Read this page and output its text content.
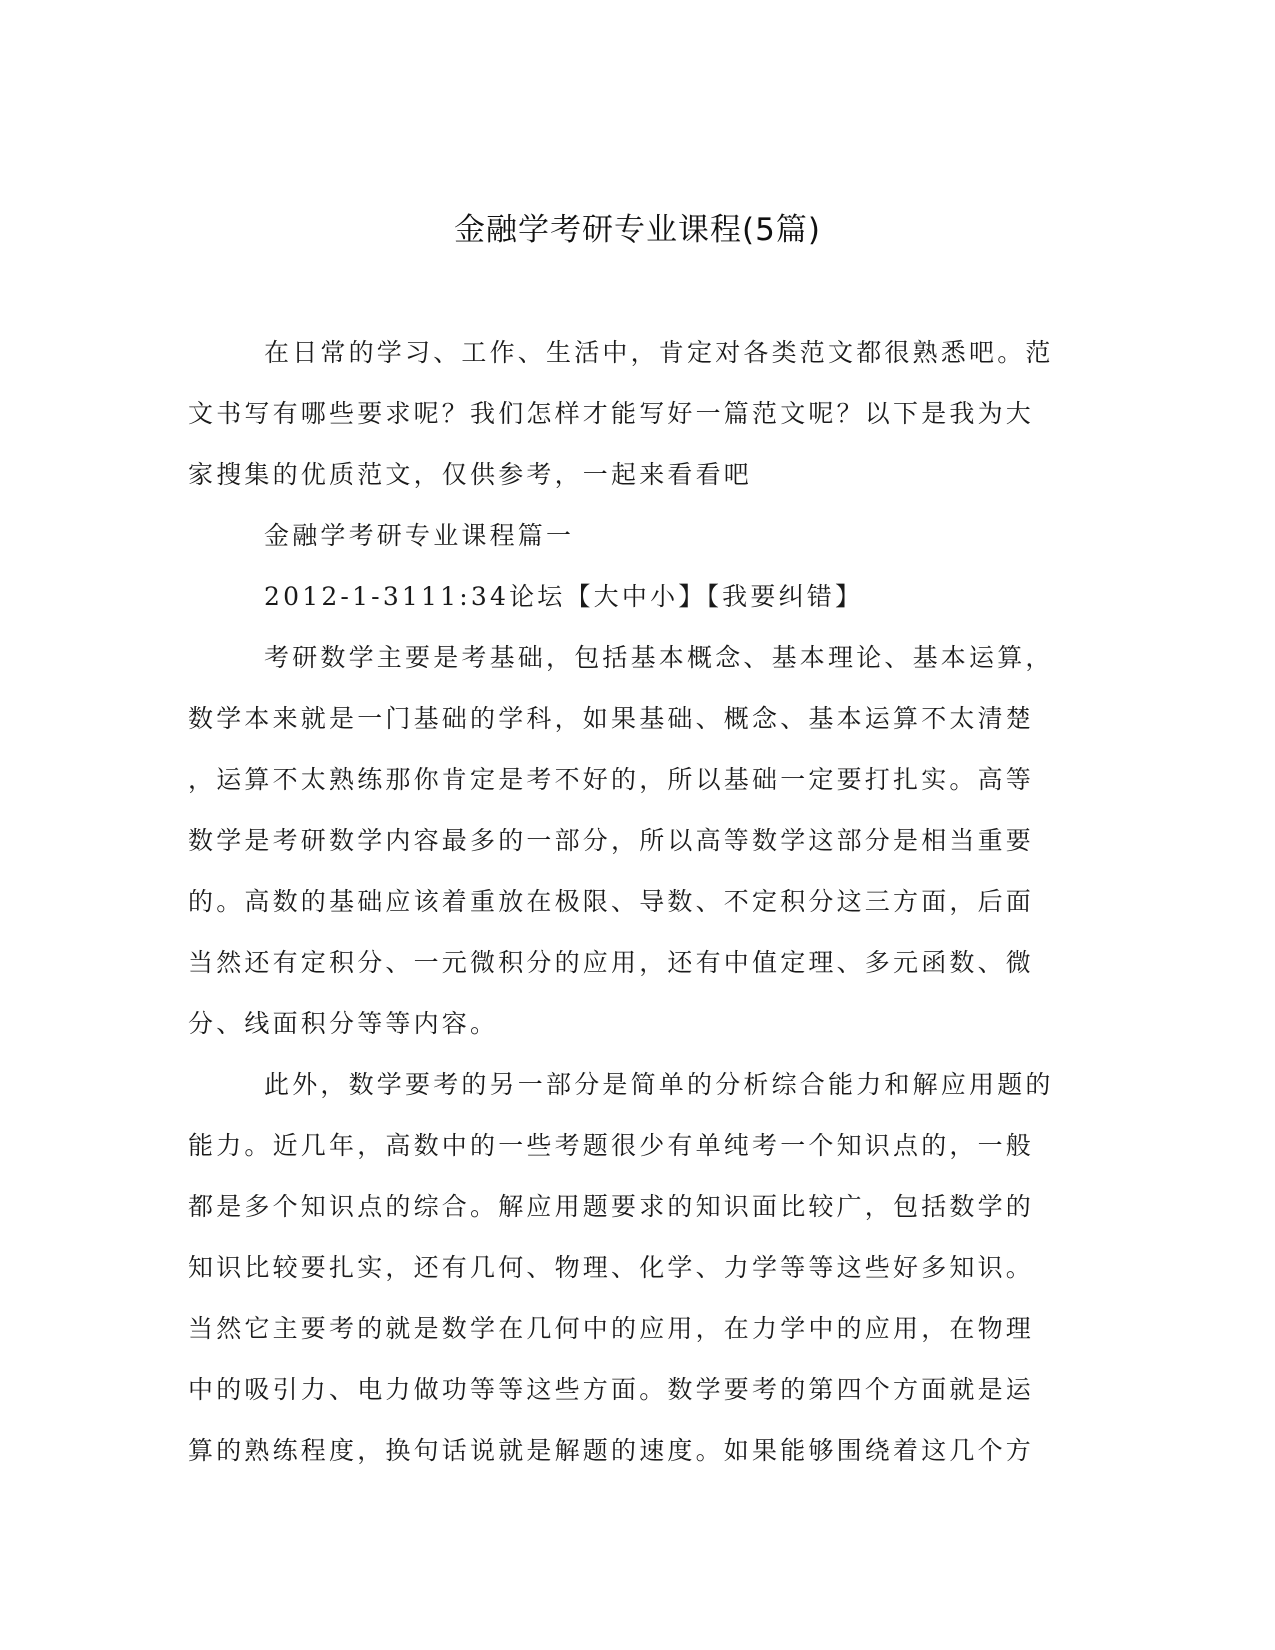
金融学考研专业课程(5篇)

在日常的学习、工作、生活中，肯定对各类范文都很熟悉吧。范
文书写有哪些要求呢？我们怎样才能写好一篇范文呢？以下是我为大
家搜集的优质范文，仅供参考，一起来看看吧

金融学考研专业课程篇一

2012-1-3111:34论坛【大中小】【我要纠错】

考研数学主要是考基础，包括基本概念、基本理论、基本运算，
数学本来就是一门基础的学科，如果基础、概念、基本运算不太清楚
，运算不太熟练那你肯定是考不好的，所以基础一定要打扎实。高等
数学是考研数学内容最多的一部分，所以高等数学这部分是相当重要
的。高数的基础应该着重放在极限、导数、不定积分这三方面，后面
当然还有定积分、一元微积分的应用，还有中值定理、多元函数、微
分、线面积分等等内容。

此外，数学要考的另一部分是简单的分析综合能力和解应用题的
能力。近几年，高数中的一些考题很少有单纯考一个知识点的，一般
都是多个知识点的综合。解应用题要求的知识面比较广，包括数学的
知识比较要扎实，还有几何、物理、化学、力学等等这些好多知识。
当然它主要考的就是数学在几何中的应用，在力学中的应用，在物理
中的吸引力、电力做功等等这些方面。数学要考的第四个方面就是运
算的熟练程度，换句话说就是解题的速度。如果能够围绕着这几个方
